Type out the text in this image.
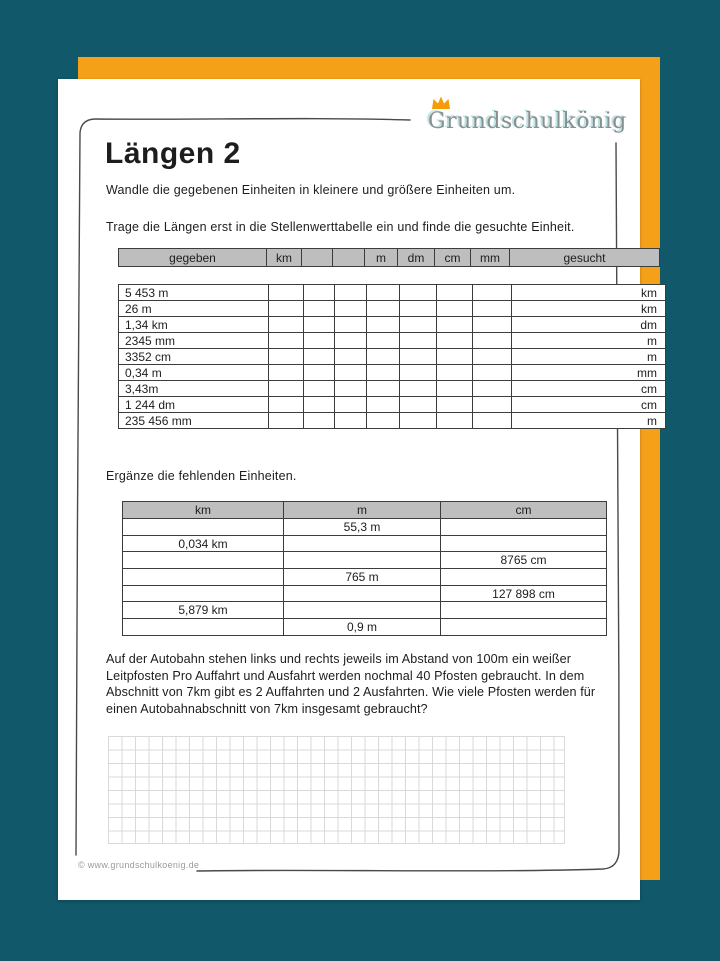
Grundschulkönig
Längen 2
Wandle die gegebenen Einheiten in kleinere und größere Einheiten um.
Trage die Längen erst in die Stellenwerttabelle ein und finde die gesuchte Einheit.
gegeben	km			m	dm	cm	mm	gesucht
5 453 m								km
26 m								km
1,34 km								dm
2345 mm								m
3352 cm								m
0,34 m								mm
3,43m								cm
1 244 dm								cm
235 456 mm								m
Ergänze die fehlenden Einheiten.
km	m	cm
	55,3 m	
0,034 km		
		8765 cm
	765 m	
		127 898 cm
5,879 km		
	0,9 m	
Auf der Autobahn stehen links und rechts jeweils im Abstand von 100m ein weißer Leitpfosten Pro Auffahrt und Ausfahrt werden nochmal 40 Pfosten gebraucht. In dem Abschnitt von 7km gibt es 2 Auffahrten und 2 Ausfahrten. Wie viele Pfosten werden für einen Autobahnabschnitt von 7km insgesamt gebraucht?
© www.grundschulkoenig.de
